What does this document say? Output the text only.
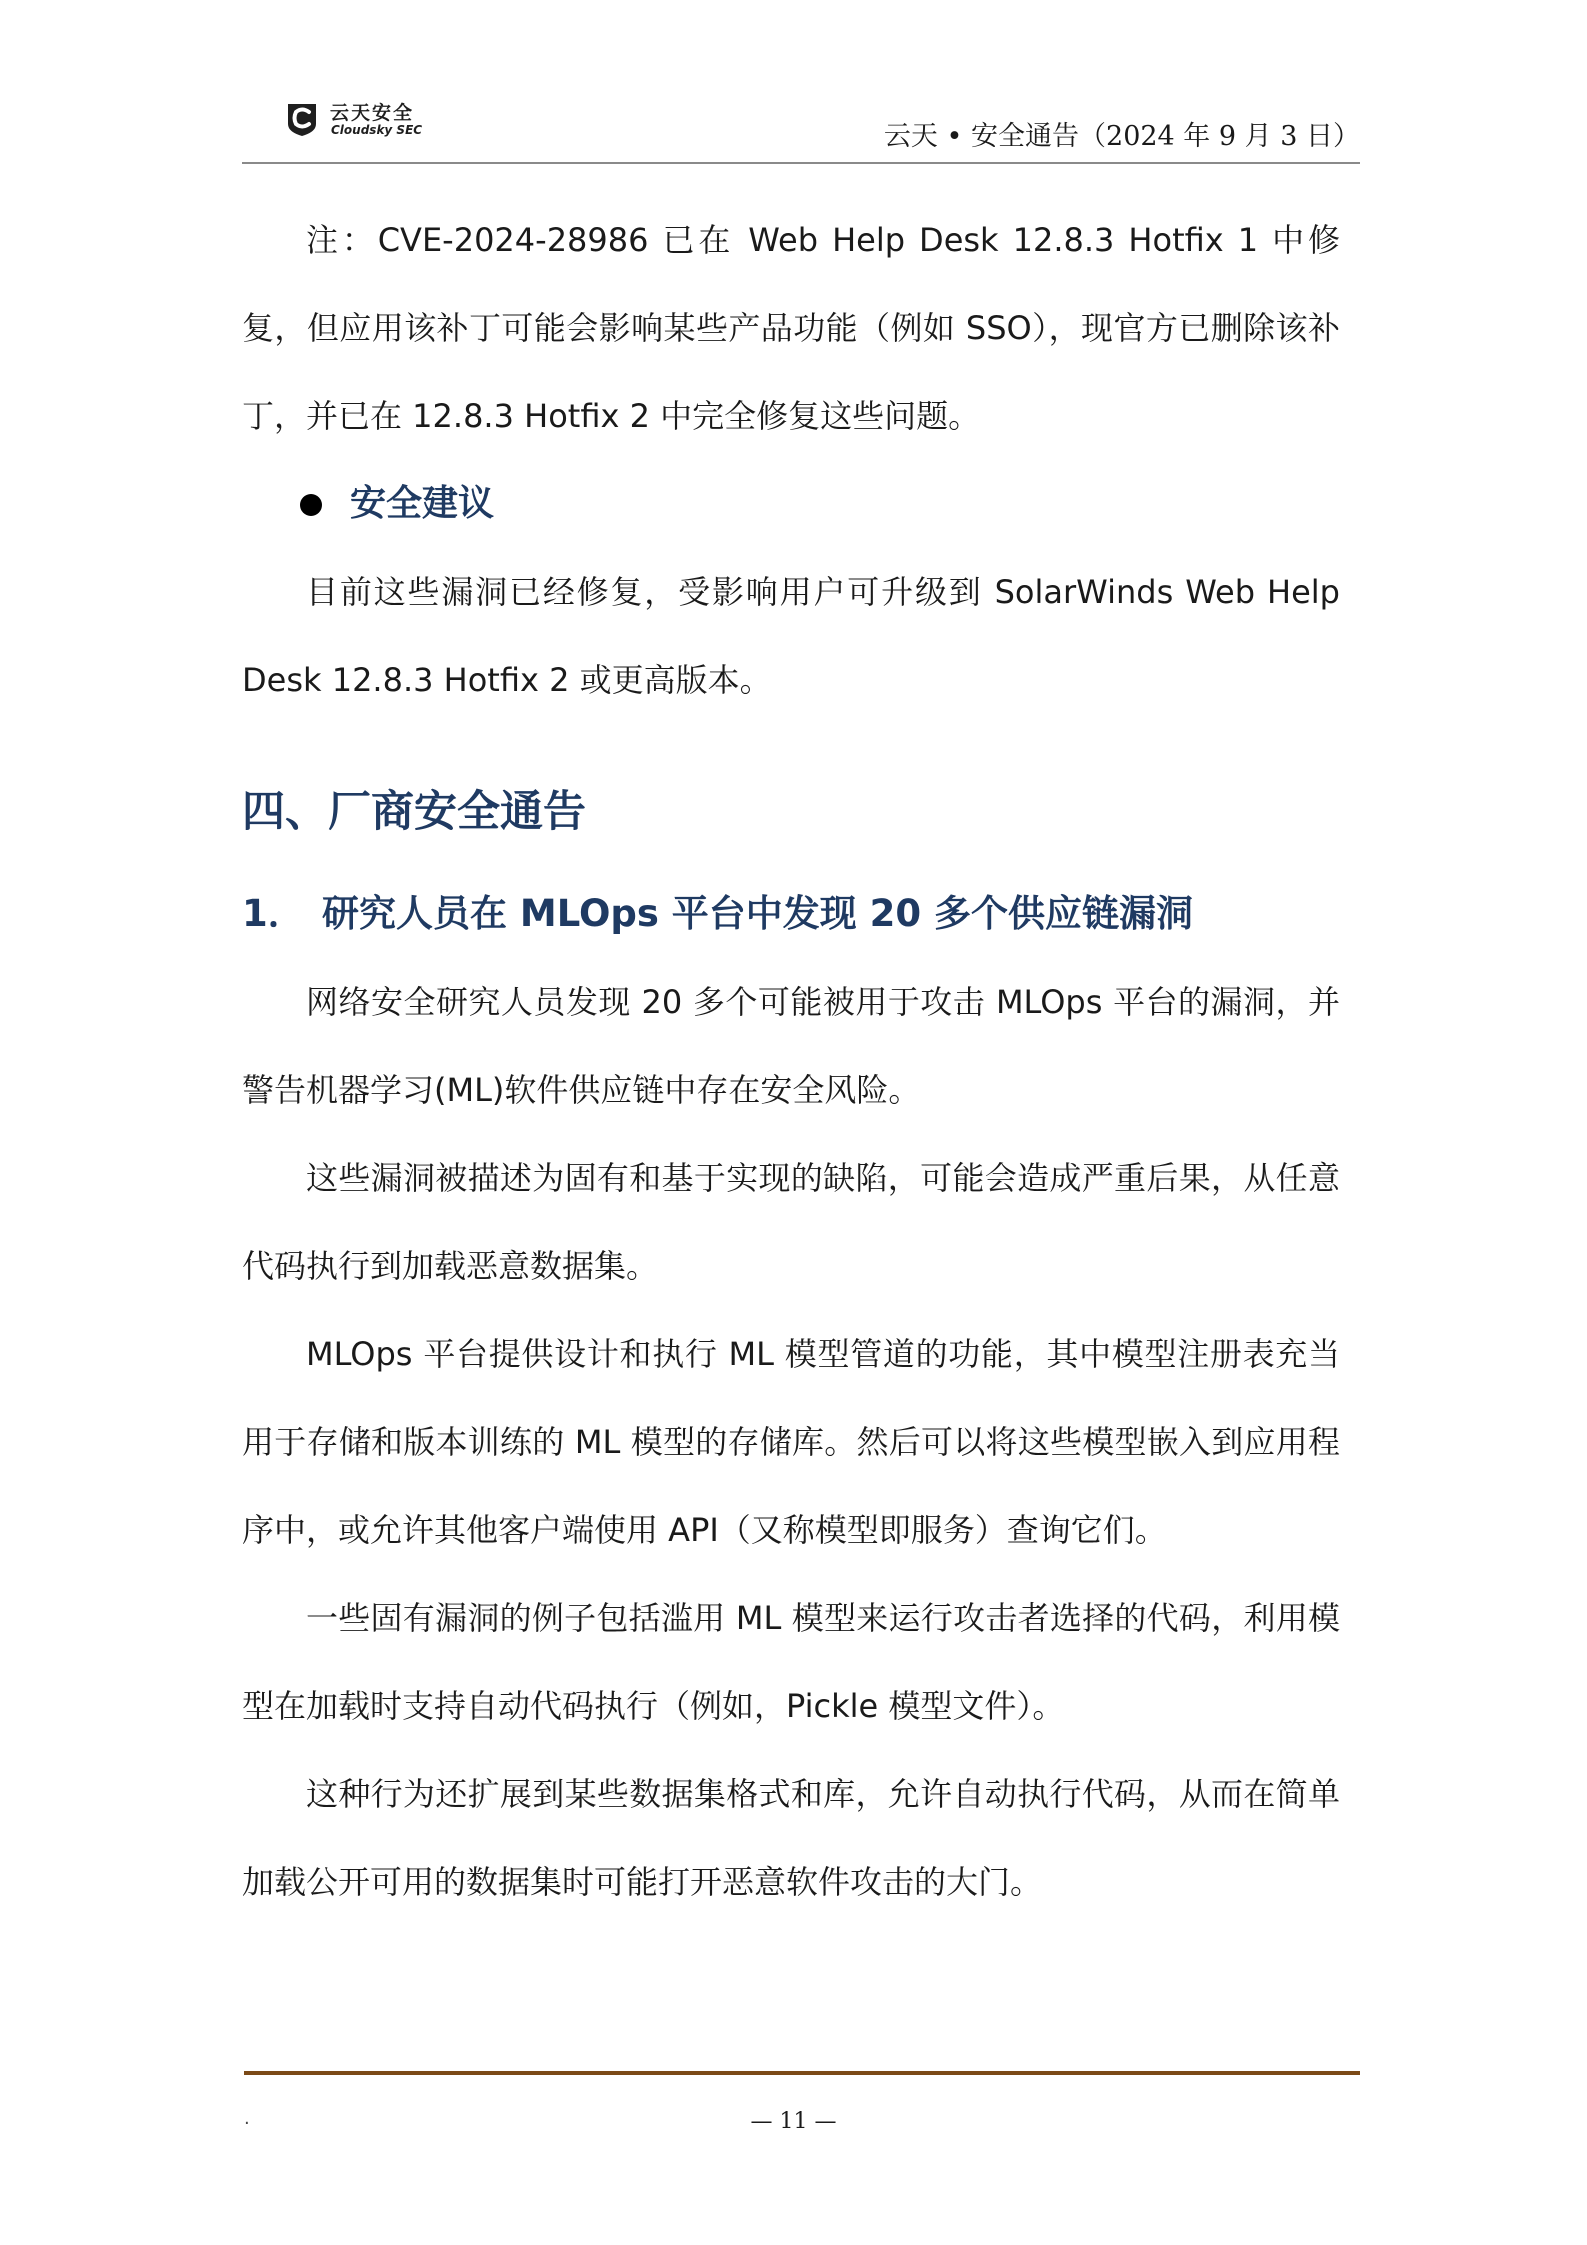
云天安全
Cloudsky SEC	云天 • 安全通告（2024 年 9 月 3 日）

注：CVE-2024-28986 已在 Web Help Desk 12.8.3 Hotfix 1 中修复，但应用该补丁可能会影响某些产品功能（例如 SSO），现官方已删除该补丁，并已在 12.8.3 Hotfix 2 中完全修复这些问题。

安全建议

目前这些漏洞已经修复，受影响用户可升级到 SolarWinds Web Help Desk 12.8.3 Hotfix 2 或更高版本。

四、厂商安全通告
1． 研究人员在 MLOps 平台中发现 20 多个供应链漏洞

网络安全研究人员发现 20 多个可能被用于攻击 MLOps 平台的漏洞，并警告机器学习(ML)软件供应链中存在安全风险。

这些漏洞被描述为固有和基于实现的缺陷，可能会造成严重后果，从任意代码执行到加载恶意数据集。

MLOps 平台提供设计和执行 ML 模型管道的功能，其中模型注册表充当用于存储和版本训练的 ML 模型的存储库。然后可以将这些模型嵌入到应用程序中，或允许其他客户端使用 API（又称模型即服务）查询它们。

一些固有漏洞的例子包括滥用 ML 模型来运行攻击者选择的代码，利用模型在加载时支持自动代码执行（例如，Pickle 模型文件）。

这种行为还扩展到某些数据集格式和库，允许自动执行代码，从而在简单加载公开可用的数据集时可能打开恶意软件攻击的大门。

.	— 11 —
